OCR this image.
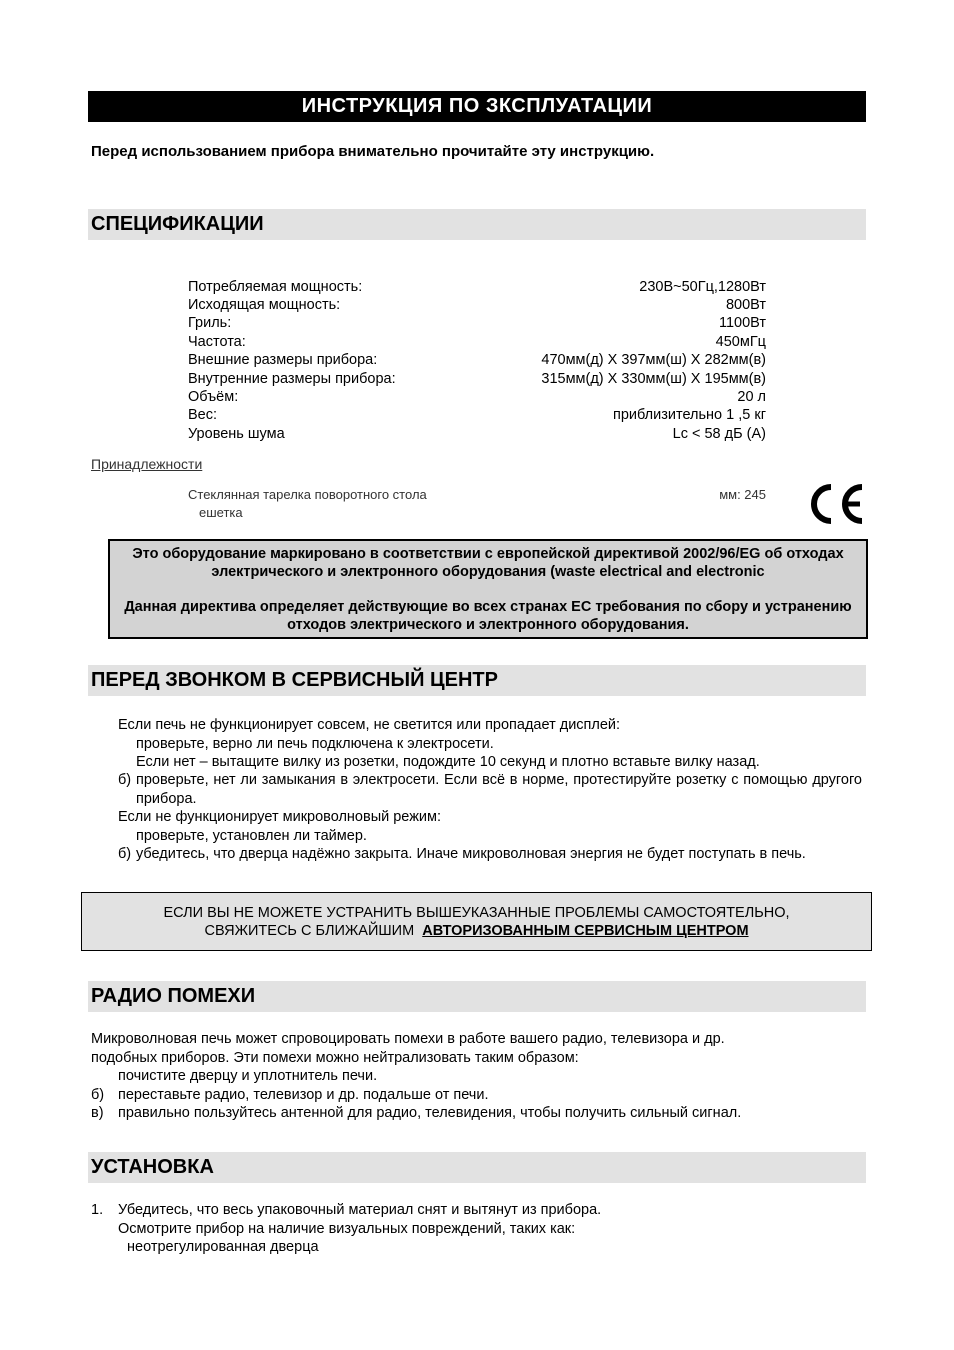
ИНСТРУКЦИЯ ПО ЗКСПЛУАТАЦИИ
Перед использованием прибора внимательно прочитайте эту инструкцию.
СПЕЦИФИКАЦИИ
Потребляемая мощность:	230В~50Гц,1280Вт
Исходящая мощность:	800Вт
Гриль:	1100Вт
Частота:	450мГц
Внешние размеры прибора:	470мм(д) X 397мм(ш) X 282мм(в)
Внутренние размеры прибора:	315мм(д) X 330мм(ш) X 195мм(в)
Объём:	20 л
Вес:	приблизительно 1 ,5 кг
Уровень шума	Lc < 58 дБ (А)
Принадлежности
Стеклянная тарелка поворотного стола	мм: 245
ешетка

Это оборудование маркировано в соответствии с европейской директивой 2002/96/EG об отходах электрического и электронного оборудования (waste electrical and electronic

Данная директива определяет действующие во всех странах ЕС требования по сбору и устранению отходов электрического и электронного оборудования.

ПЕРЕД ЗВОНКОМ В СЕРВИСНЫЙ ЦЕНТР
Если печь не функционирует совсем, не светится или пропадает дисплей:
проверьте, верно ли печь подключена к электросети.
Если нет – вытащите вилку из розетки, подождите 10 секунд и плотно вставьте вилку назад.
б) проверьте, нет ли замыкания в электросети. Если всё в норме, протестируйте розетку с помощью другого прибора.
Если не функционирует микроволновый режим:
проверьте, установлен ли таймер.
б) убедитесь, что дверца надёжно закрыта. Иначе микроволновая энергия не будет поступать в печь.
ЕСЛИ ВЫ НЕ МОЖЕТЕ УСТРАНИТЬ ВЫШЕУКАЗАННЫЕ ПРОБЛЕМЫ САМОСТОЯТЕЛЬНО,
СВЯЖИТЕСЬ С БЛИЖАЙШИМ АВТОРИЗОВАННЫМ СЕРВИСНЫМ ЦЕНТРОМ
РАДИО ПОМЕХИ
Микроволновая печь может спровоцировать помехи в работе вашего радио, телевизора и др.
подобных приборов. Эти помехи можно нейтрализовать таким образом:
почистите дверцу и уплотнитель печи.
б) переставьте радио, телевизор и др. подальше от печи.
в) правильно пользуйтесь антенной для радио, телевидения, чтобы получить сильный сигнал.
УСТАНОВКА
1. Убедитесь, что весь упаковочный материал снят и вытянут из прибора.
Осмотрите прибор на наличие визуальных повреждений, таких как:
неотрегулированная дверца
